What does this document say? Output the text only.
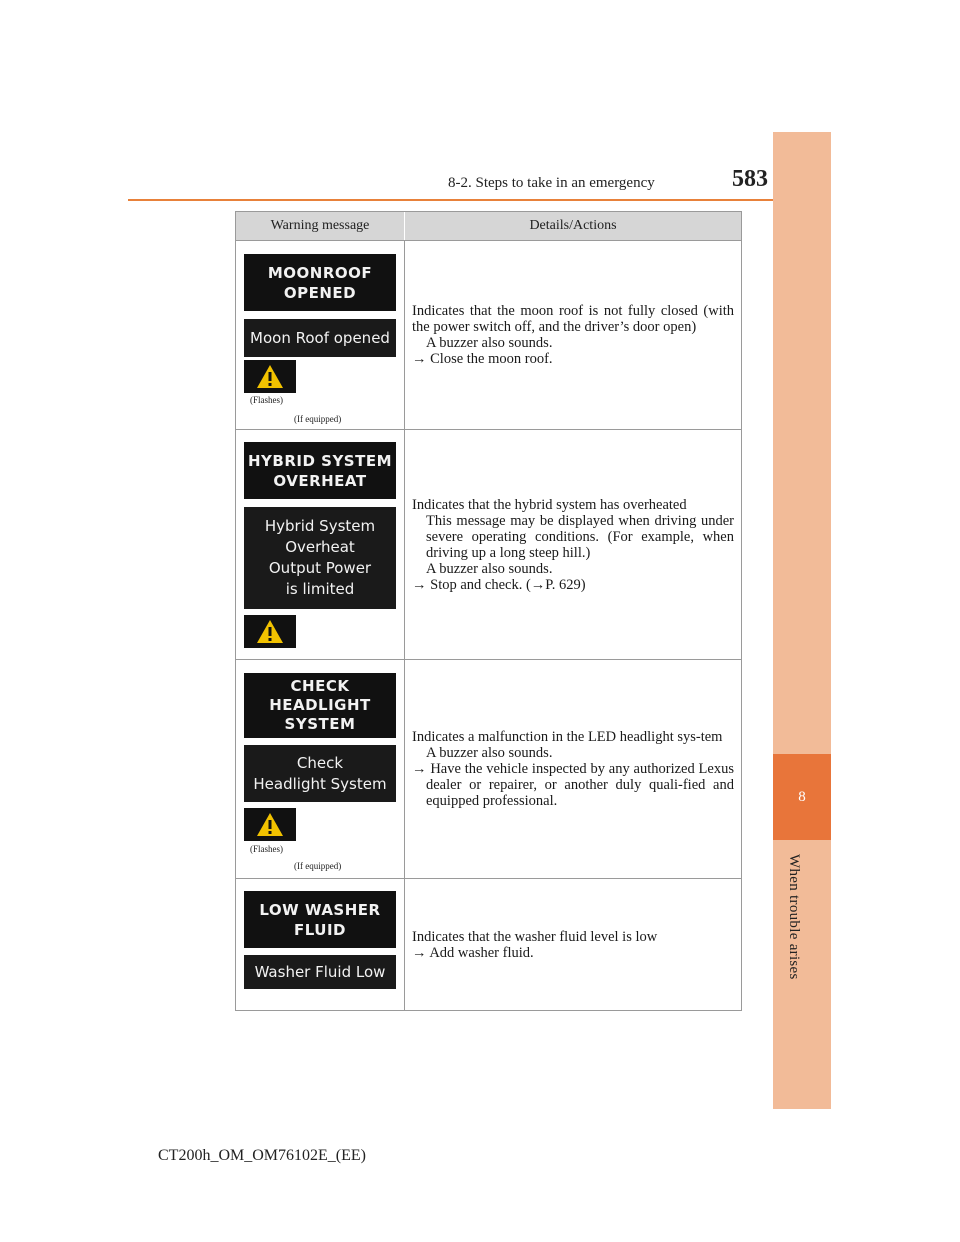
8-2. Steps to take in an emergency	583
8
When trouble arises
Warning message	Details/Actions
MOONROOF
OPENED
Moon Roof opened
(Flashes)
(If equipped)

Indicates that the moon roof is not fully closed (with the power switch off, and the driver’s door open)

A buzzer also sounds.

→ Close the moon roof.

HYBRID SYSTEM
OVERHEAT
Hybrid System
Overheat
Output Power
is limited

Indicates that the hybrid system has overheated

This message may be displayed when driving under severe operating conditions. (For example, when driving up a long steep hill.)

A buzzer also sounds.

→ Stop and check. (→P. 629)

CHECK
HEADLIGHT
SYSTEM
Check
Headlight System
(Flashes)
(If equipped)

Indicates a malfunction in the LED headlight sys-tem

A buzzer also sounds.

→ Have the vehicle inspected by any authorized Lexus dealer or repairer, or another duly quali-fied and equipped professional.

LOW WASHER
FLUID
Washer Fluid Low

Indicates that the washer fluid level is low

→ Add washer fluid.

CT200h_OM_OM76102E_(EE)
